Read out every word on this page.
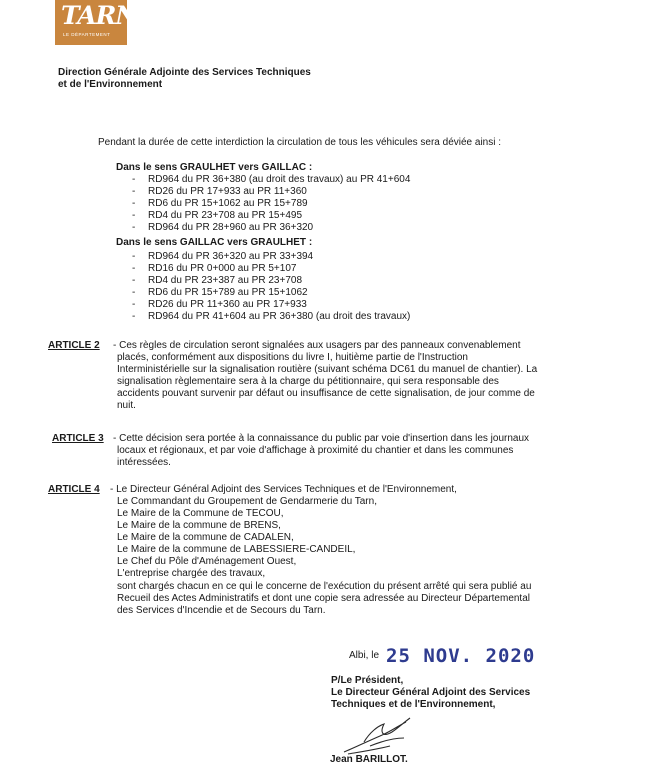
TARN
LE DÉPARTEMENT
Direction Générale Adjointe des Services Techniques
et de l'Environnement
Pendant la durée de cette interdiction la circulation de tous les véhicules sera déviée ainsi :
Dans le sens GRAULHET vers GAILLAC :
- RD964 du PR 36+380 (au droit des travaux) au PR 41+604
- RD26 du PR 17+933 au PR 11+360
- RD6 du PR 15+1062 au PR 15+789
- RD4 du PR 23+708 au PR 15+495
- RD964 du PR 28+960 au PR 36+320
Dans le sens GAILLAC vers GRAULHET :
- RD964 du PR 36+320 au PR 33+394
- RD16 du PR 0+000 au PR 5+107
- RD4 du PR 23+387 au PR 23+708
- RD6 du PR 15+789 au PR 15+1062
- RD26 du PR 11+360 au PR 17+933
- RD964 du PR 41+604 au PR 36+380 (au droit des travaux)
ARTICLE 2 - Ces règles de circulation seront signalées aux usagers par des panneaux convenablement
placés, conformément aux dispositions du livre I, huitième partie de l'Instruction
Interministérielle sur la signalisation routière (suivant schéma DC61 du manuel de chantier). La
signalisation règlementaire sera à la charge du pétitionnaire, qui sera responsable des
accidents pouvant survenir par défaut ou insuffisance de cette signalisation, de jour comme de
nuit.
ARTICLE 3 - Cette décision sera portée à la connaissance du public par voie d'insertion dans les journaux
locaux et régionaux, et par voie d'affichage à proximité du chantier et dans les communes
intéressées.
ARTICLE 4 - Le Directeur Général Adjoint des Services Techniques et de l'Environnement,
Le Commandant du Groupement de Gendarmerie du Tarn,
Le Maire de la Commune de TECOU,
Le Maire de la commune de BRENS,
Le Maire de la commune de CADALEN,
Le Maire de la commune de LABESSIERE-CANDEIL,
Le Chef du Pôle d'Aménagement Ouest,
L'entreprise chargée des travaux,
sont chargés chacun en ce qui le concerne de l'exécution du présent arrêté qui sera publié au
Recueil des Actes Administratifs et dont une copie sera adressée au Directeur Départemental
des Services d'Incendie et de Secours du Tarn.
Albi, le 25 NOV. 2020
P/Le Président,
Le Directeur Général Adjoint des Services
Techniques et de l'Environnement,
Jean BARILLOT.
